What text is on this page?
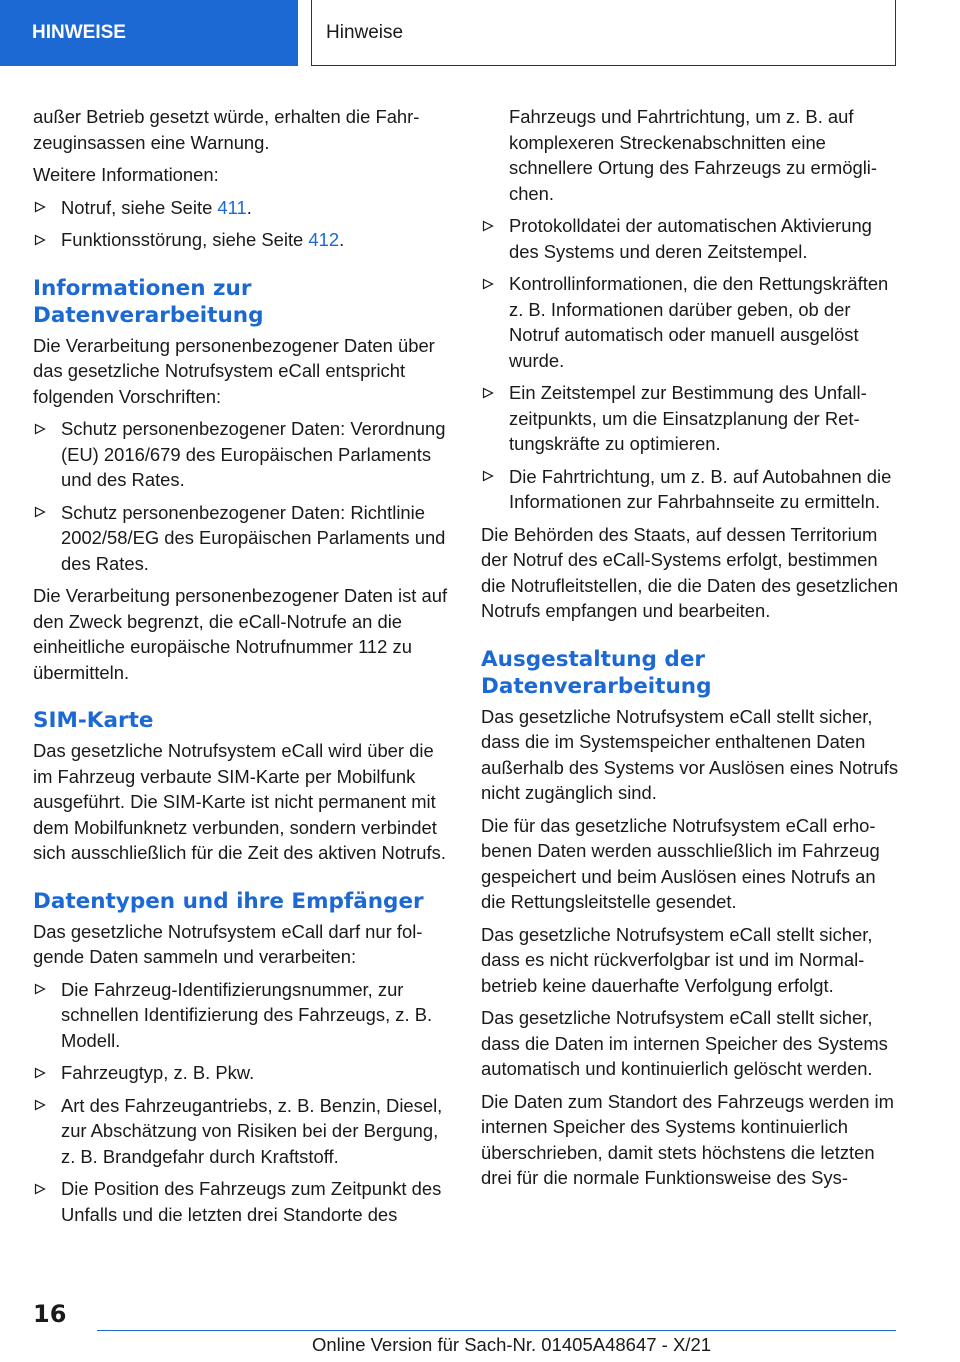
HINWEISE	Hinweise

außer Betrieb gesetzt würde, erhalten die Fahrzeuginsassen eine Warnung.

Weitere Informationen:

Notruf, siehe Seite 411.
Funktionsstörung, siehe Seite 412.
Informationen zur Datenverarbeitung

Die Verarbeitung personenbezogener Daten über das gesetzliche Notrufsystem eCall entspricht folgenden Vorschriften:

Schutz personenbezogener Daten: Verordnung (EU) 2016/679 des Europäischen Parlaments und des Rates.
Schutz personenbezogener Daten: Richtlinie 2002/58/EG des Europäischen Parlaments und des Rates.

Die Verarbeitung personenbezogener Daten ist auf den Zweck begrenzt, die eCall-Notrufe an die einheitliche europäische Notrufnummer 112 zu übermitteln.

SIM-Karte

Das gesetzliche Notrufsystem eCall wird über die im Fahrzeug verbaute SIM-Karte per Mobilfunk ausgeführt. Die SIM-Karte ist nicht permanent mit dem Mobilfunknetz verbunden, sondern verbindet sich ausschließlich für die Zeit des aktiven Notrufs.

Datentypen und ihre Empfänger

Das gesetzliche Notrufsystem eCall darf nur folgende Daten sammeln und verarbeiten:

Die Fahrzeug-Identifizierungsnummer, zur schnellen Identifizierung des Fahrzeugs, z. B. Modell.
Fahrzeugtyp, z. B. Pkw.
Art des Fahrzeugantriebs, z. B. Benzin, Diesel, zur Abschätzung von Risiken bei der Bergung, z. B. Brandgefahr durch Kraftstoff.
Die Position des Fahrzeugs zum Zeitpunkt des Unfalls und die letzten drei Standorte des
Fahrzeugs und Fahrtrichtung, um z. B. auf komplexeren Streckenabschnitten eine schnellere Ortung des Fahrzeugs zu ermöglichen.
Protokolldatei der automatischen Aktivierung des Systems und deren Zeitstempel.
Kontrollinformationen, die den Rettungskräften z. B. Informationen darüber geben, ob der Notruf automatisch oder manuell ausgelöst wurde.
Ein Zeitstempel zur Bestimmung des Unfallzeitpunkts, um die Einsatzplanung der Rettungskräfte zu optimieren.
Die Fahrtrichtung, um z. B. auf Autobahnen die Informationen zur Fahrbahnseite zu ermitteln.

Die Behörden des Staats, auf dessen Territorium der Notruf des eCall-Systems erfolgt, bestimmen die Notrufleitstellen, die die Daten des gesetzlichen Notrufs empfangen und bearbeiten.

Ausgestaltung der Datenverarbeitung

Das gesetzliche Notrufsystem eCall stellt sicher, dass die im Systemspeicher enthaltenen Daten außerhalb des Systems vor Auslösen eines Notrufs nicht zugänglich sind.

Die für das gesetzliche Notrufsystem eCall erhobenen Daten werden ausschließlich im Fahrzeug gespeichert und beim Auslösen eines Notrufs an die Rettungsleitstelle gesendet.

Das gesetzliche Notrufsystem eCall stellt sicher, dass es nicht rückverfolgbar ist und im Normalbetrieb keine dauerhafte Verfolgung erfolgt.

Das gesetzliche Notrufsystem eCall stellt sicher, dass die Daten im internen Speicher des Systems automatisch und kontinuierlich gelöscht werden.

Die Daten zum Standort des Fahrzeugs werden im internen Speicher des Systems kontinuierlich überschrieben, damit stets höchstens die letzten drei für die normale Funktionsweise des Sys-

16
Online Version für Sach-Nr. 01405A48647 - X/21
